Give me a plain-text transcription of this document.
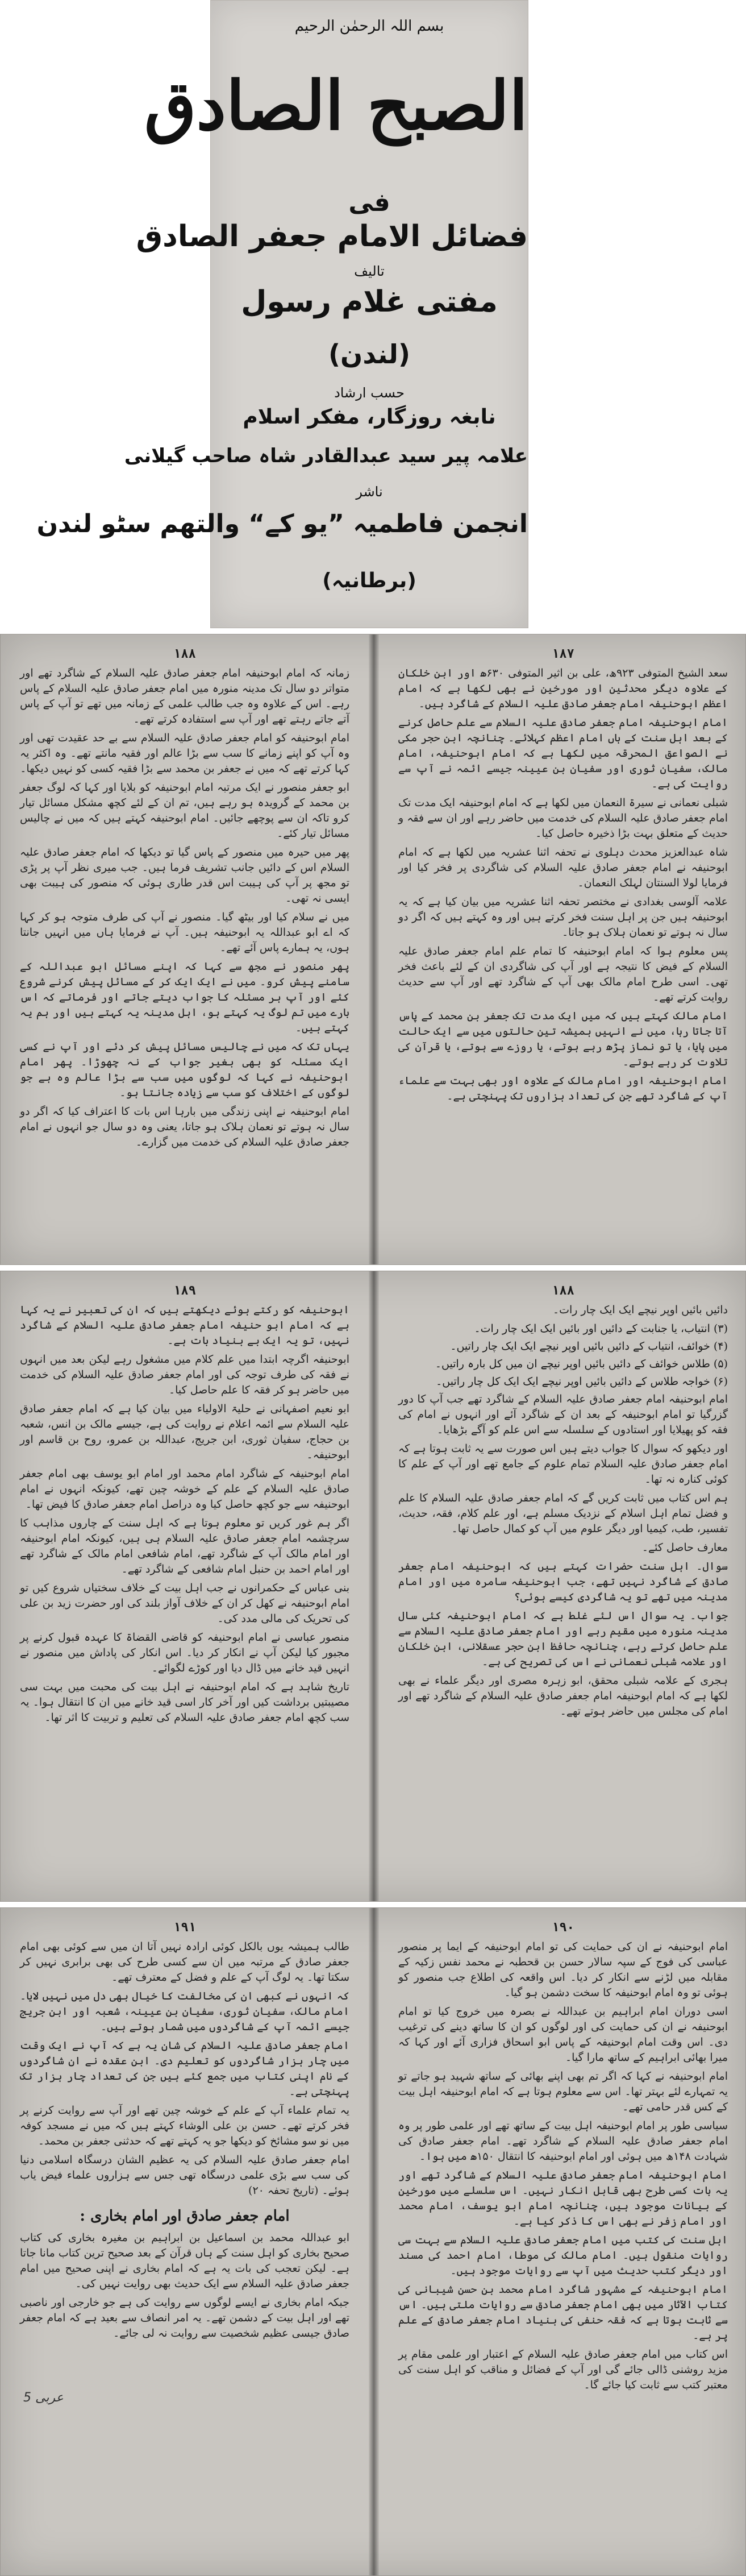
بسم اللہ الرحمٰن الرحیم
الصبح الصادق
فی
فضائل الامام جعفر الصادق
تالیف
مفتی غلام رسول
(لندن)
حسب ارشاد
نابغہ روزگار، مفکر اسلام
علامہ پیر سید عبدالقادر شاہ صاحب گیلانی
ناشر
انجمن فاطمیہ ”یو کے“ والتھم سٹو لندن
(برطانیہ)
۱۸۸

زمانہ کہ امام ابوحنیفہ امام جعفر صادق علیہ السلام کے شاگرد تھے اور متواتر دو سال تک مدینہ منورہ میں امام جعفر صادق علیہ السلام کے پاس رہے۔ اس کے علاوہ وہ جب طالب علمی کے زمانہ میں تھے تو آپ کے پاس آتے جاتے رہتے تھے اور آپ سے استفادہ کرتے تھے۔

امام ابوحنیفہ کو امام جعفر صادق علیہ السلام سے بے حد عقیدت تھی اور وہ آپ کو اپنے زمانے کا سب سے بڑا عالم اور فقیہ مانتے تھے۔ وہ اکثر یہ کہا کرتے تھے کہ میں نے جعفر بن محمد سے بڑا فقیہ کسی کو نہیں دیکھا۔

ابو جعفر منصور نے ایک مرتبہ امام ابوحنیفہ کو بلایا اور کہا کہ لوگ جعفر بن محمد کے گرویدہ ہو رہے ہیں، تم ان کے لئے کچھ مشکل مسائل تیار کرو تاکہ ان سے پوچھے جائیں۔ امام ابوحنیفہ کہتے ہیں کہ میں نے چالیس مسائل تیار کئے۔

پھر میں حیرہ میں منصور کے پاس گیا تو دیکھا کہ امام جعفر صادق علیہ السلام اس کے دائیں جانب تشریف فرما ہیں۔ جب میری نظر آپ پر پڑی تو مجھ پر آپ کی ہیبت اس قدر طاری ہوئی کہ منصور کی ہیبت بھی ایسی نہ تھی۔

میں نے سلام کیا اور بیٹھ گیا۔ منصور نے آپ کی طرف متوجہ ہو کر کہا کہ اے ابو عبداللہ یہ ابوحنیفہ ہیں۔ آپ نے فرمایا ہاں میں انہیں جانتا ہوں، یہ ہمارے پاس آئے تھے۔

پھر منصور نے مجھ سے کہا کہ اپنے مسائل ابو عبداللہ کے سامنے پیش کرو۔ میں نے ایک ایک کر کے مسائل پیش کرنے شروع کئے اور آپ ہر مسئلہ کا جواب دیتے جاتے اور فرماتے کہ اس بارے میں تم لوگ یہ کہتے ہو، اہل مدینہ یہ کہتے ہیں اور ہم یہ کہتے ہیں۔

یہاں تک کہ میں نے چالیس مسائل پیش کر دئے اور آپ نے کسی ایک مسئلہ کو بھی بغیر جواب کے نہ چھوڑا۔ پھر امام ابوحنیفہ نے کہا کہ لوگوں میں سب سے بڑا عالم وہ ہے جو لوگوں کے اختلاف کو سب سے زیادہ جانتا ہو۔

امام ابوحنیفہ نے اپنی زندگی میں بارہا اس بات کا اعتراف کیا کہ اگر دو سال نہ ہوتے تو نعمان ہلاک ہو جاتا، یعنی وہ دو سال جو انہوں نے امام جعفر صادق علیہ السلام کی خدمت میں گزارے۔

۱۸۷

سعد الشیخ المتوفی ۹۲۳ھ، علی بن اثیر المتوفی ۶۳۰ھ اور ابن خلکان کے علاوہ دیگر محدثین اور مورخین نے بھی لکھا ہے کہ امام اعظم ابوحنیفہ امام جعفر صادق علیہ السلام کے شاگرد ہیں۔

امام ابوحنیفہ امام جعفر صادق علیہ السلام سے علم حاصل کرنے کے بعد اہل سنت کے ہاں امام اعظم کہلائے۔ چنانچہ ابن حجر مکی نے الصواعق المحرقہ میں لکھا ہے کہ امام ابوحنیفہ، امام مالک، سفیان ثوری اور سفیان بن عیینہ جیسے ائمہ نے آپ سے روایت کی ہے۔

شبلی نعمانی نے سیرۃ النعمان میں لکھا ہے کہ امام ابوحنیفہ ایک مدت تک امام جعفر صادق علیہ السلام کی خدمت میں حاضر رہے اور ان سے فقہ و حدیث کے متعلق بہت بڑا ذخیرہ حاصل کیا۔

شاہ عبدالعزیز محدث دہلوی نے تحفہ اثنا عشریہ میں لکھا ہے کہ امام ابوحنیفہ نے امام جعفر صادق علیہ السلام کی شاگردی پر فخر کیا اور فرمایا لولا السنتان لہلک النعمان۔

علامہ آلوسی بغدادی نے مختصر تحفہ اثنا عشریہ میں بیان کیا ہے کہ یہ ابوحنیفہ ہیں جن پر اہل سنت فخر کرتے ہیں اور وہ کہتے ہیں کہ اگر دو سال نہ ہوتے تو نعمان ہلاک ہو جاتا۔

پس معلوم ہوا کہ امام ابوحنیفہ کا تمام علم امام جعفر صادق علیہ السلام کے فیض کا نتیجہ ہے اور آپ کی شاگردی ان کے لئے باعث فخر تھی۔ اسی طرح امام مالک بھی آپ کے شاگرد تھے اور آپ سے حدیث روایت کرتے تھے۔

امام مالک کہتے ہیں کہ میں ایک مدت تک جعفر بن محمد کے پاس آتا جاتا رہا، میں نے انہیں ہمیشہ تین حالتوں میں سے ایک حالت میں پایا، یا تو نماز پڑھ رہے ہوتے، یا روزے سے ہوتے، یا قرآن کی تلاوت کر رہے ہوتے۔

امام ابوحنیفہ اور امام مالک کے علاوہ اور بھی بہت سے علماء آپ کے شاگرد تھے جن کی تعداد ہزاروں تک پہنچتی ہے۔

۱۸۹

ابوحنیفہ کو رکتے ہوئے دیکھتے ہیں کہ ان کی تعبیر نے یہ کہا ہے کہ امام ابو حنیفہ امام جعفر صادق علیہ السلام کے شاگرد نہیں، تو یہ ایک بے بنیاد بات ہے۔

ابوحنیفہ اگرچہ ابتدا میں علم کلام میں مشغول رہے لیکن بعد میں انہوں نے فقہ کی طرف توجہ کی اور امام جعفر صادق علیہ السلام کی خدمت میں حاضر ہو کر فقہ کا علم حاصل کیا۔

ابو نعیم اصفہانی نے حلیۃ الاولیاء میں بیان کیا ہے کہ امام جعفر صادق علیہ السلام سے ائمہ اعلام نے روایت کی ہے، جیسے مالک بن انس، شعبہ بن حجاج، سفیان ثوری، ابن جریج، عبداللہ بن عمرو، روح بن قاسم اور ابوحنیفہ۔

امام ابوحنیفہ کے شاگرد امام محمد اور امام ابو یوسف بھی امام جعفر صادق علیہ السلام کے علم کے خوشہ چین تھے، کیونکہ انہوں نے امام ابوحنیفہ سے جو کچھ حاصل کیا وہ دراصل امام جعفر صادق کا فیض تھا۔

اگر ہم غور کریں تو معلوم ہوتا ہے کہ اہل سنت کے چاروں مذاہب کا سرچشمہ امام جعفر صادق علیہ السلام ہی ہیں، کیونکہ امام ابوحنیفہ اور امام مالک آپ کے شاگرد تھے، امام شافعی امام مالک کے شاگرد تھے اور امام احمد بن حنبل امام شافعی کے شاگرد تھے۔

بنی عباس کے حکمرانوں نے جب اہل بیت کے خلاف سختیاں شروع کیں تو امام ابوحنیفہ نے کھل کر ان کے خلاف آواز بلند کی اور حضرت زید بن علی کی تحریک کی مالی مدد کی۔

منصور عباسی نے امام ابوحنیفہ کو قاضی القضاۃ کا عہدہ قبول کرنے پر مجبور کیا لیکن آپ نے انکار کر دیا۔ اس انکار کی پاداش میں منصور نے انہیں قید خانے میں ڈال دیا اور کوڑے لگوائے۔

تاریخ شاہد ہے کہ امام ابوحنیفہ نے اہل بیت کی محبت میں بہت سی مصیبتیں برداشت کیں اور آخر کار اسی قید خانے میں ان کا انتقال ہوا۔ یہ سب کچھ امام جعفر صادق علیہ السلام کی تعلیم و تربیت کا اثر تھا۔

۱۸۸

دائیں بائیں اوپر نیچے ایک ایک چار رات۔

(۳) انتیاب، یا جنابت کے دائیں اور بائیں ایک ایک چار رات۔

(۴) خوائف، انتیاب کے دائیں بائیں اوپر نیچے ایک ایک چار راتیں۔

(۵) طلاس خوائف کے دائیں بائیں اوپر نیچے ان میں کل بارہ راتیں۔

(۶) خواجہ طلاس کے دائیں بائیں اوپر نیچے ایک ایک کل چار راتیں۔

امام ابوحنیفہ امام جعفر صادق علیہ السلام کے شاگرد تھے جب آپ کا دور گزرگیا تو امام ابوحنیفہ کے بعد ان کے شاگرد آئے اور انہوں نے امام کی فقہ کو پھیلایا اور استادوں کے سلسلہ سے اس علم کو آگے بڑھایا۔

اور دیکھو کہ سوال کا جواب دیتے ہیں اس صورت سے یہ ثابت ہوتا ہے کہ امام جعفر صادق علیہ السلام تمام علوم کے جامع تھے اور آپ کے علم کا کوئی کنارہ نہ تھا۔

ہم اس کتاب میں ثابت کریں گے کہ امام جعفر صادق علیہ السلام کا علم و فضل تمام اہل اسلام کے نزدیک مسلم ہے، اور علم کلام، فقہ، حدیث، تفسیر، طب، کیمیا اور دیگر علوم میں آپ کو کمال حاصل تھا۔

معارف حاصل کئے۔

سوال۔ اہل سنت حضرات کہتے ہیں کہ ابوحنیفہ امام جعفر صادق کے شاگرد نہیں تھے، جب ابوحنیفہ سامرہ میں اور امام مدینہ میں تھے تو یہ شاگردی کیسے ہوئی؟

جواب۔ یہ سوال اس لئے غلط ہے کہ امام ابوحنیفہ کئی سال مدینہ منورہ میں مقیم رہے اور امام جعفر صادق علیہ السلام سے علم حاصل کرتے رہے، چنانچہ حافظ ابن حجر عسقلانی، ابن خلکان اور علامہ شبلی نعمانی نے اس کی تصریح کی ہے۔

ہجری کے علامہ شبلی محقق، ابو زہرہ مصری اور دیگر علماء نے بھی لکھا ہے کہ امام ابوحنیفہ امام جعفر صادق علیہ السلام کے شاگرد تھے اور امام کی مجلس میں حاضر ہوتے تھے۔

۱۹۱

طالب ہمیشہ یوں بالکل کوئی ارادہ نہیں آتا ان میں سے کوئی بھی امام جعفر صادق کے مرتبہ میں ان سے کسی طرح کی بھی برابری نہیں کر سکتا تھا۔ یہ لوگ آپ کے علم و فضل کے معترف تھے۔

کہ انہوں نے کبھی ان کی مخالفت کا خیال بھی دل میں نہیں لایا۔ امام مالک، سفیان ثوری، سفیان بن عیینہ، شعبہ اور ابن جریج جیسے ائمہ آپ کے شاگردوں میں شمار ہوتے ہیں۔

امام جعفر صادق علیہ السلام کی شان یہ ہے کہ آپ نے ایک وقت میں چار ہزار شاگردوں کو تعلیم دی۔ ابن عقدہ نے ان شاگردوں کے نام اپنی کتاب میں جمع کئے ہیں جن کی تعداد چار ہزار تک پہنچتی ہے۔

یہ تمام علماء آپ کے علم کے خوشہ چین تھے اور آپ سے روایت کرنے پر فخر کرتے تھے۔ حسن بن علی الوشاء کہتے ہیں کہ میں نے مسجد کوفہ میں نو سو مشائخ کو دیکھا جو یہ کہتے تھے کہ حدثنی جعفر بن محمد۔

امام جعفر صادق علیہ السلام کی یہ عظیم الشان درسگاہ اسلامی دنیا کی سب سے بڑی علمی درسگاہ تھی جس سے ہزاروں علماء فیض یاب ہوئے۔ (تاریخ تحفہ ۲۰)

امام جعفر صادق اور امام بخاری :

ابو عبداللہ محمد بن اسماعیل بن ابراہیم بن مغیرہ بخاری کی کتاب صحیح بخاری کو اہل سنت کے ہاں قرآن کے بعد صحیح ترین کتاب مانا جاتا ہے۔ لیکن تعجب کی بات یہ ہے کہ امام بخاری نے اپنی صحیح میں امام جعفر صادق علیہ السلام سے ایک حدیث بھی روایت نہیں کی۔

جبکہ امام بخاری نے ایسے لوگوں سے روایت کی ہے جو خارجی اور ناصبی تھے اور اہل بیت کے دشمن تھے۔ یہ امر انصاف سے بعید ہے کہ امام جعفر صادق جیسی عظیم شخصیت سے روایت نہ لی جائے۔

5 عربی
۱۹۰

امام ابوحنیفہ نے ان کی حمایت کی تو امام ابوحنیفہ کے ایما پر منصور عباسی کی فوج کے سپہ سالار حسن بن قحطبہ نے محمد نفس زکیہ کے مقابلہ میں لڑنے سے انکار کر دیا۔ اس واقعہ کی اطلاع جب منصور کو ہوئی تو وہ امام ابوحنیفہ کا سخت دشمن ہو گیا۔

اسی دوران امام ابراہیم بن عبداللہ نے بصرہ میں خروج کیا تو امام ابوحنیفہ نے ان کی حمایت کی اور لوگوں کو ان کا ساتھ دینے کی ترغیب دی۔ اس وقت امام ابوحنیفہ کے پاس ابو اسحاق فزاری آئے اور کہا کہ میرا بھائی ابراہیم کے ساتھ مارا گیا۔

امام ابوحنیفہ نے کہا کہ اگر تم بھی اپنے بھائی کے ساتھ شہید ہو جاتے تو یہ تمہارے لئے بہتر تھا۔ اس سے معلوم ہوتا ہے کہ امام ابوحنیفہ اہل بیت کے کس قدر حامی تھے۔

سیاسی طور پر امام ابوحنیفہ اہل بیت کے ساتھ تھے اور علمی طور پر وہ امام جعفر صادق علیہ السلام کے شاگرد تھے۔ امام جعفر صادق کی شہادت ۱۴۸ھ میں ہوئی اور امام ابوحنیفہ کا انتقال ۱۵۰ھ میں ہوا۔

امام ابوحنیفہ امام جعفر صادق علیہ السلام کے شاگرد تھے اور یہ بات کسی طرح بھی قابل انکار نہیں۔ اس سلسلے میں مورخین کے بیانات موجود ہیں، چنانچہ امام ابو یوسف، امام محمد اور امام زفر نے بھی اس کا ذکر کیا ہے۔

اہل سنت کی کتب میں امام جعفر صادق علیہ السلام سے بہت سی روایات منقول ہیں۔ امام مالک کی موطا، امام احمد کی مسند اور دیگر کتب حدیث میں آپ سے روایات موجود ہیں۔

امام ابوحنیفہ کے مشہور شاگرد امام محمد بن حسن شیبانی کی کتاب الآثار میں بھی امام جعفر صادق سے روایات ملتی ہیں۔ اس سے ثابت ہوتا ہے کہ فقہ حنفی کی بنیاد امام جعفر صادق کے علم پر ہے۔

اس کتاب میں امام جعفر صادق علیہ السلام کے اعتبار اور علمی مقام پر مزید روشنی ڈالی جائے گی اور آپ کے فضائل و مناقب کو اہل سنت کی معتبر کتب سے ثابت کیا جائے گا۔
